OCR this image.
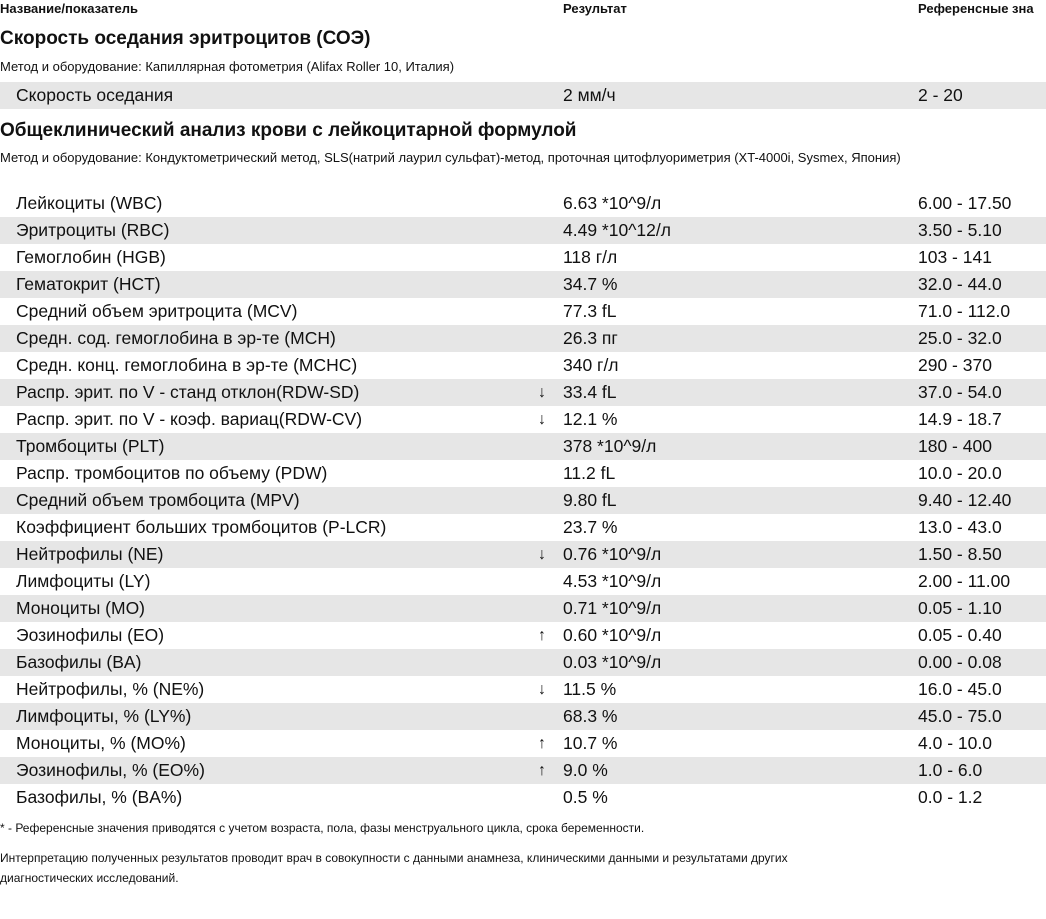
Название/показатель	Результат	Референсные зна
Скорость оседания эритроцитов (СОЭ)
Метод и оборудование: Капиллярная фотометрия (Alifax Roller 10, Италия)
Скорость оседания	2 мм/ч	2 - 20
Общеклинический анализ крови с лейкоцитарной формулой
Метод и оборудование: Кондуктометрический метод, SLS(натрий лаурил сульфат)-метод, проточная цитофлуориметрия (XT-4000i, Sysmex, Япония)
Лейкоциты (WBC)	6.63 *10^9/л	6.00 - 17.50
Эритроциты (RBC)	4.49 *10^12/л	3.50 - 5.10
Гемоглобин (HGB)	118 г/л	103 - 141
Гематокрит (HCT)	34.7 %	32.0 - 44.0
Средний объем эритроцита (MCV)	77.3 fL	71.0 - 112.0
Средн. сод. гемоглобина в эр-те (MCH)	26.3 пг	25.0 - 32.0
Средн. конц. гемоглобина в эр-те (MCHC)	340 г/л	290 - 370
Распр. эрит. по V - станд отклон(RDW-SD)	↓ 33.4 fL	37.0 - 54.0
Распр. эрит. по V - коэф. вариац(RDW-CV)	↓ 12.1 %	14.9 - 18.7
Тромбоциты (PLT)	378 *10^9/л	180 - 400
Распр. тромбоцитов по объему (PDW)	11.2 fL	10.0 - 20.0
Средний объем тромбоцита (MPV)	9.80 fL	9.40 - 12.40
Коэффициент больших тромбоцитов (P-LCR)	23.7 %	13.0 - 43.0
Нейтрофилы (NE)	↓ 0.76 *10^9/л	1.50 - 8.50
Лимфоциты (LY)	4.53 *10^9/л	2.00 - 11.00
Моноциты (MO)	0.71 *10^9/л	0.05 - 1.10
Эозинофилы (EO)	↑ 0.60 *10^9/л	0.05 - 0.40
Базофилы (BA)	0.03 *10^9/л	0.00 - 0.08
Нейтрофилы, % (NE%)	↓ 11.5 %	16.0 - 45.0
Лимфоциты, % (LY%)	68.3 %	45.0 - 75.0
Моноциты, % (MO%)	↑ 10.7 %	4.0 - 10.0
Эозинофилы, % (EO%)	↑ 9.0 %	1.0 - 6.0
Базофилы, % (BA%)	0.5 %	0.0 - 1.2
* - Референсные значения приводятся с учетом возраста, пола, фазы менструального цикла, срока беременности.
Интерпретацию полученных результатов проводит врач в совокупности с данными анамнеза, клиническими данными и результатами других диагностических исследований.
